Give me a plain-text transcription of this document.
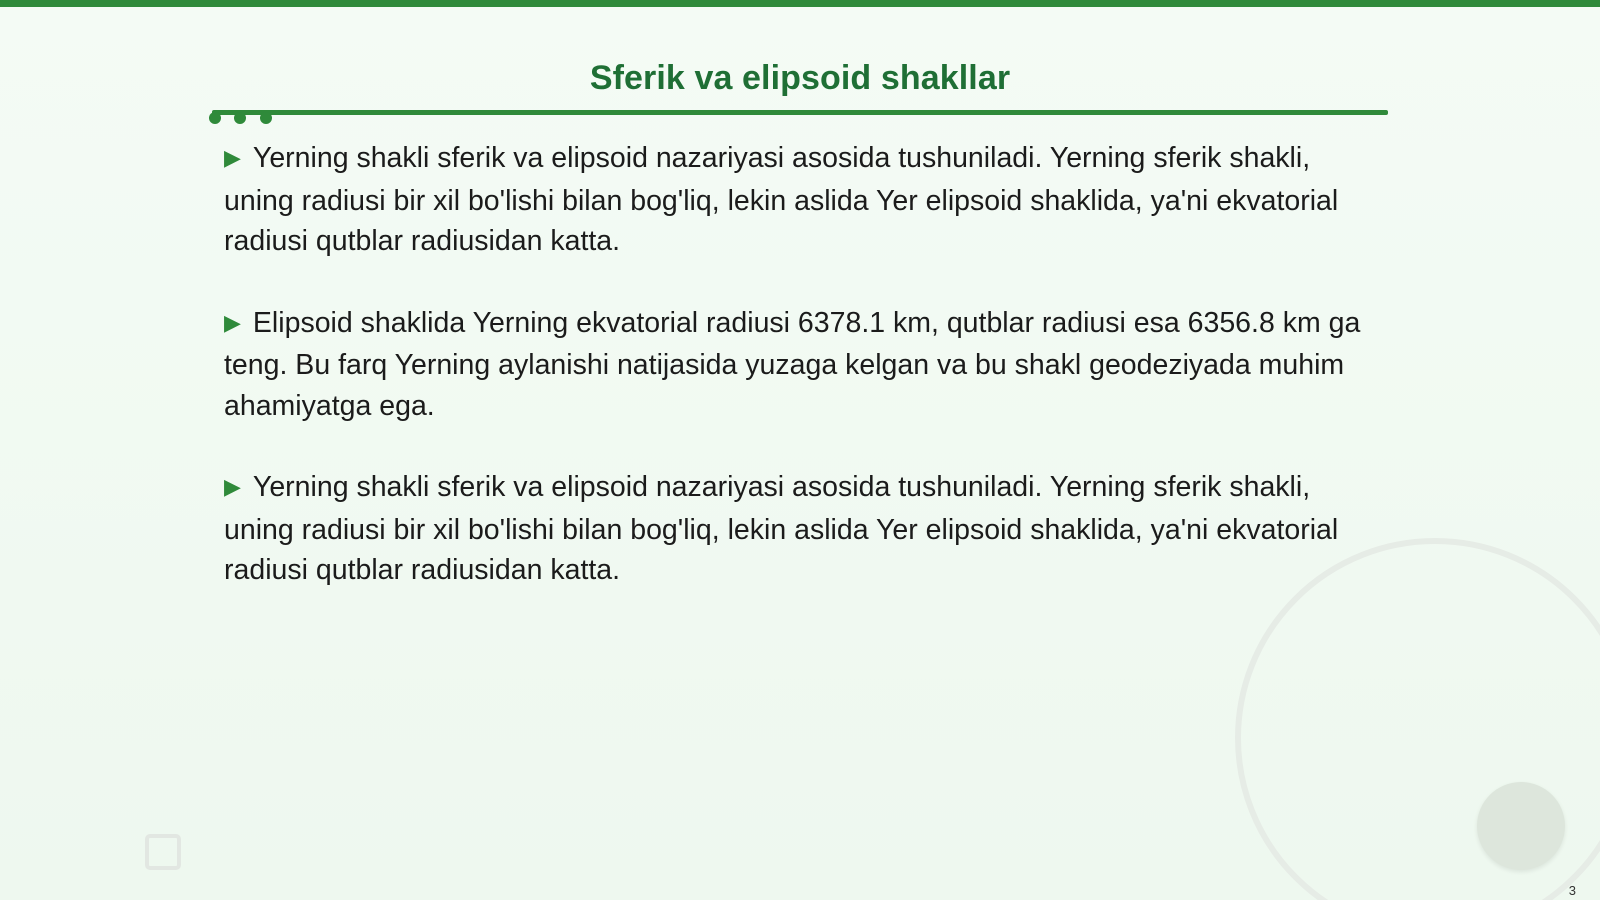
Sferik va elipsoid shakllar

▶ Yerning shakli sferik va elipsoid nazariyasi asosida tushuniladi. Yerning sferik shakli, uning radiusi bir xil bo'lishi bilan bog'liq, lekin aslida Yer elipsoid shaklida, ya'ni ekvatorial radiusi qutblar radiusidan katta.

▶ Elipsoid shaklida Yerning ekvatorial radiusi 6378.1 km, qutblar radiusi esa 6356.8 km ga teng. Bu farq Yerning aylanishi natijasida yuzaga kelgan va bu shakl geodeziyada muhim ahamiyatga ega.

▶ Yerning shakli sferik va elipsoid nazariyasi asosida tushuniladi. Yerning sferik shakli, uning radiusi bir xil bo'lishi bilan bog'liq, lekin aslida Yer elipsoid shaklida, ya'ni ekvatorial radiusi qutblar radiusidan katta.

3
